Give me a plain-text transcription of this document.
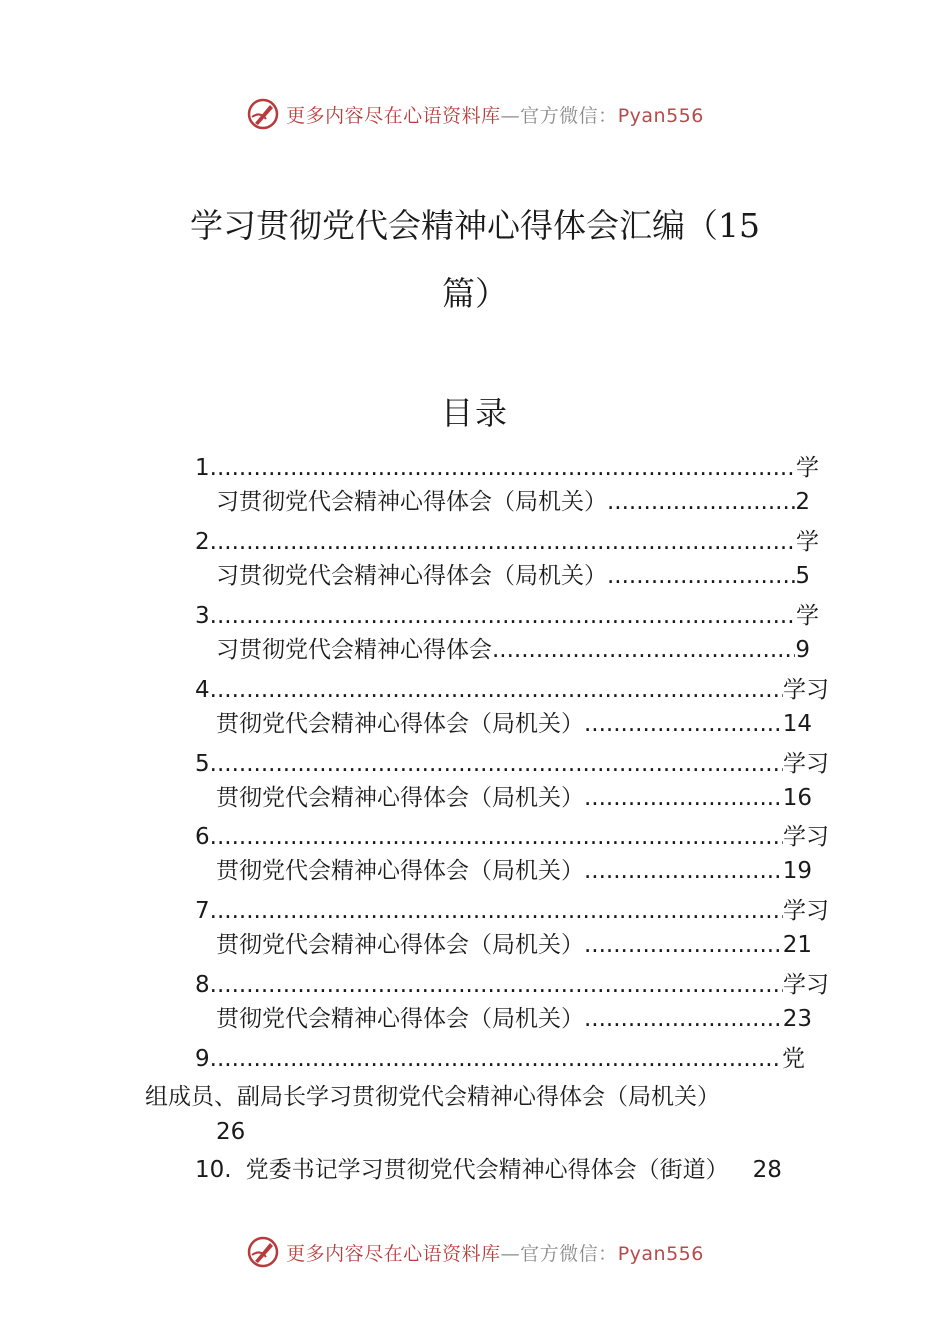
更多内容尽在心语资料库—官方微信：Pyan556
学习贯彻党代会精神心得体会汇编（15
篇）
目录
1. .....	学
习贯彻党代会精神心得体会（局机关） .....	2
2. .....	学
习贯彻党代会精神心得体会（局机关） .....	5
3. .....	学
习贯彻党代会精神心得体会 .....	9
4. .....	学习
贯彻党代会精神心得体会（局机关） .....	14
5. .....	学习
贯彻党代会精神心得体会（局机关） .....	16
6. .....	学习
贯彻党代会精神心得体会（局机关） .....	19
7. .....	学习
贯彻党代会精神心得体会（局机关） .....	21
8. .....	学习
贯彻党代会精神心得体会（局机关） .....	23
9. .....	党
组成员、副局长学习贯彻党代会精神心得体会（局机关）
26
10. 党委书记学习贯彻党代会精神心得体会（街道） 28
更多内容尽在心语资料库—官方微信：Pyan556
